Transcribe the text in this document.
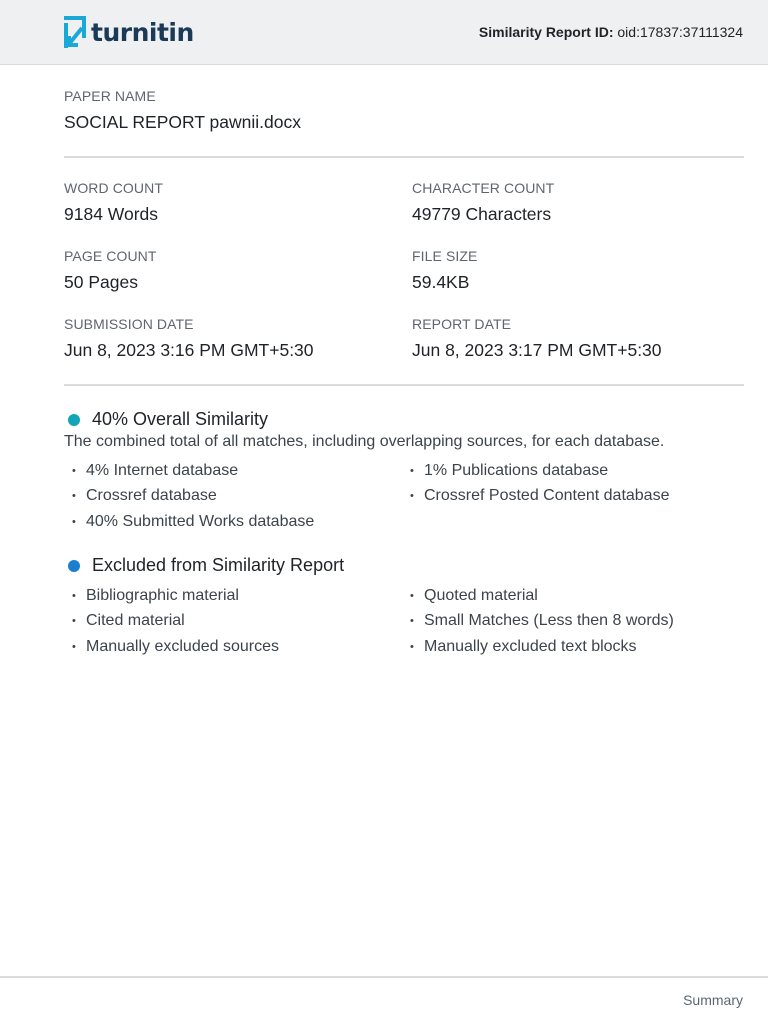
turnitin	Similarity Report ID: oid:17837:37111324
PAPER NAME
SOCIAL REPORT pawnii.docx
WORD COUNT
9184 Words
CHARACTER COUNT
49779 Characters
PAGE COUNT
50 Pages
FILE SIZE
59.4KB
SUBMISSION DATE
Jun 8, 2023 3:16 PM GMT+5:30
REPORT DATE
Jun 8, 2023 3:17 PM GMT+5:30
40% Overall Similarity
The combined total of all matches, including overlapping sources, for each database.
• 4% Internet database
• Crossref database
• 40% Submitted Works database
• 1% Publications database
• Crossref Posted Content database
Excluded from Similarity Report
• Bibliographic material
• Cited material
• Manually excluded sources
• Quoted material
• Small Matches (Less then 8 words)
• Manually excluded text blocks
Summary
